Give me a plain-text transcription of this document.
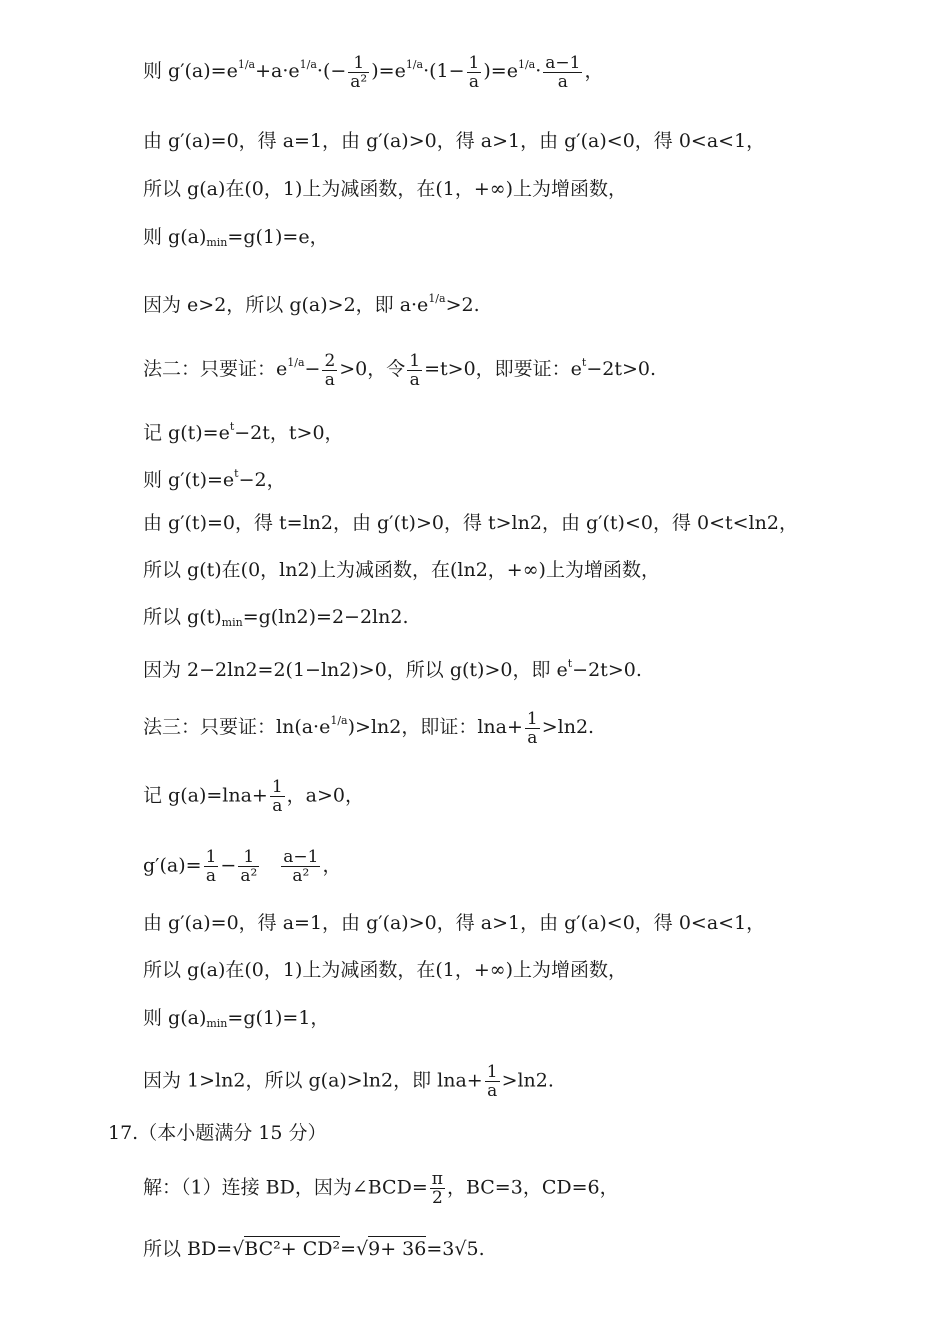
则 $g'(a)=e^{1/a}+a\cdot e^{1/a}\cdot(- \frac{1}{\text{a²}} )=e^{1/a}\cdot(1- \frac{1}{a} )=e^{1/a}\cdot \frac{a-1}{a}$ ，
由 g′(a)=0，得 a=1，由 g′(a)>0，得 a>1，由 g′(a)<0，得 0<a<1，
所以 g(a)在(0，1)上为减函数，在(1，+∞)上为增函数，
则 $g(a)_{min}=g(1)=e$，
因为 e>2，所以 g(a)>2，即 $a\cdot e^{1/a}>2$.
法二：只要证：$e^{1/a}- \frac{2}{a} >0$，令 $\frac{1}{a} =t>0$，即要证：$e^t-2t>0$.
记 $g(t)=e^t-2t$，t>0，
则 $g'(t)=e^t-2$，
由 g′(t)=0，得 t=ln2，由 g′(t)>0，得 t>ln2，由 g′(t)<0，得 0<t<ln2，
所以 g(t)在(0，ln2)上为减函数，在(ln2，+∞)上为增函数，
所以 $g(t)_{min}=g(\ln 2)=2-2\ln 2$.
因为 2−2ln2=2(1−ln2)>0，所以 g(t)>0，即 $e^t-2t>0$.
法三：只要证：$\ln(a\cdot e^{1/a})>\ln 2$，即证：$\ln a+ \frac{1}{a} >\ln 2$.
记 $g(a)=\ln a+ \frac{1}{a}$ ，a>0，
$g'(a)= \frac{1}{a} - \frac{1}{\text{a²}} \frac{a-1}{\text{a²}}$ ，
由 g′(a)=0，得 a=1，由 g′(a)>0，得 a>1，由 g′(a)<0，得 0<a<1，
所以 g(a)在(0，1)上为减函数，在(1，+∞)上为增函数，
则 $g(a)_{min}=g(1)=1$，
因为 1>ln2，所以 g(a)>ln2，即 $\ln a+ \frac{1}{a} >\ln 2$.
17.（本小题满分 15 分）
解：（1）连接 BD，因为∠BCD= $\frac{\pi}{2}$ ，BC=3，CD=6，
所以 BD=√BC²+ CD²=√9+ 36=3√5.
